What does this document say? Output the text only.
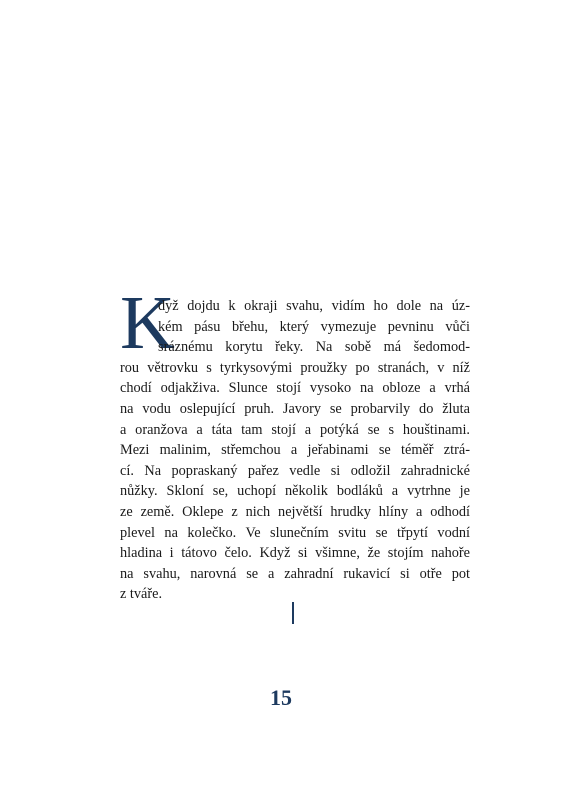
K
dyž dojdu k okraji svahu, vidím ho dole na úz-
kém pásu břehu, který vymezuje pevninu vůči
sráznému korytu řeky. Na sobě má šedomod-
rou větrovku s tyrkysovými proužky po stranách, v níž
chodí odjakživa. Slunce stojí vysoko na obloze a vrhá
na vodu oslepující pruh. Javory se probarvily do žluta
a oranžova a táta tam stojí a potýká se s houštinami.
Mezi malinim, střemchou a jeřabinami se téměř ztrá-
cí. Na popraskaný pařez vedle si odložil zahradnické
nůžky. Skloní se, uchopí několik bodláků a vytrhne je
ze země. Oklepe z nich největší hrudky hlíny a odhodí
plevel na kolečko. Ve slunečním svitu se třpytí vodní
hladina i tátovo čelo. Když si všimne, že stojím nahoře
na svahu, narovná se a zahradní rukavicí si otře pot
z tváře.
15
